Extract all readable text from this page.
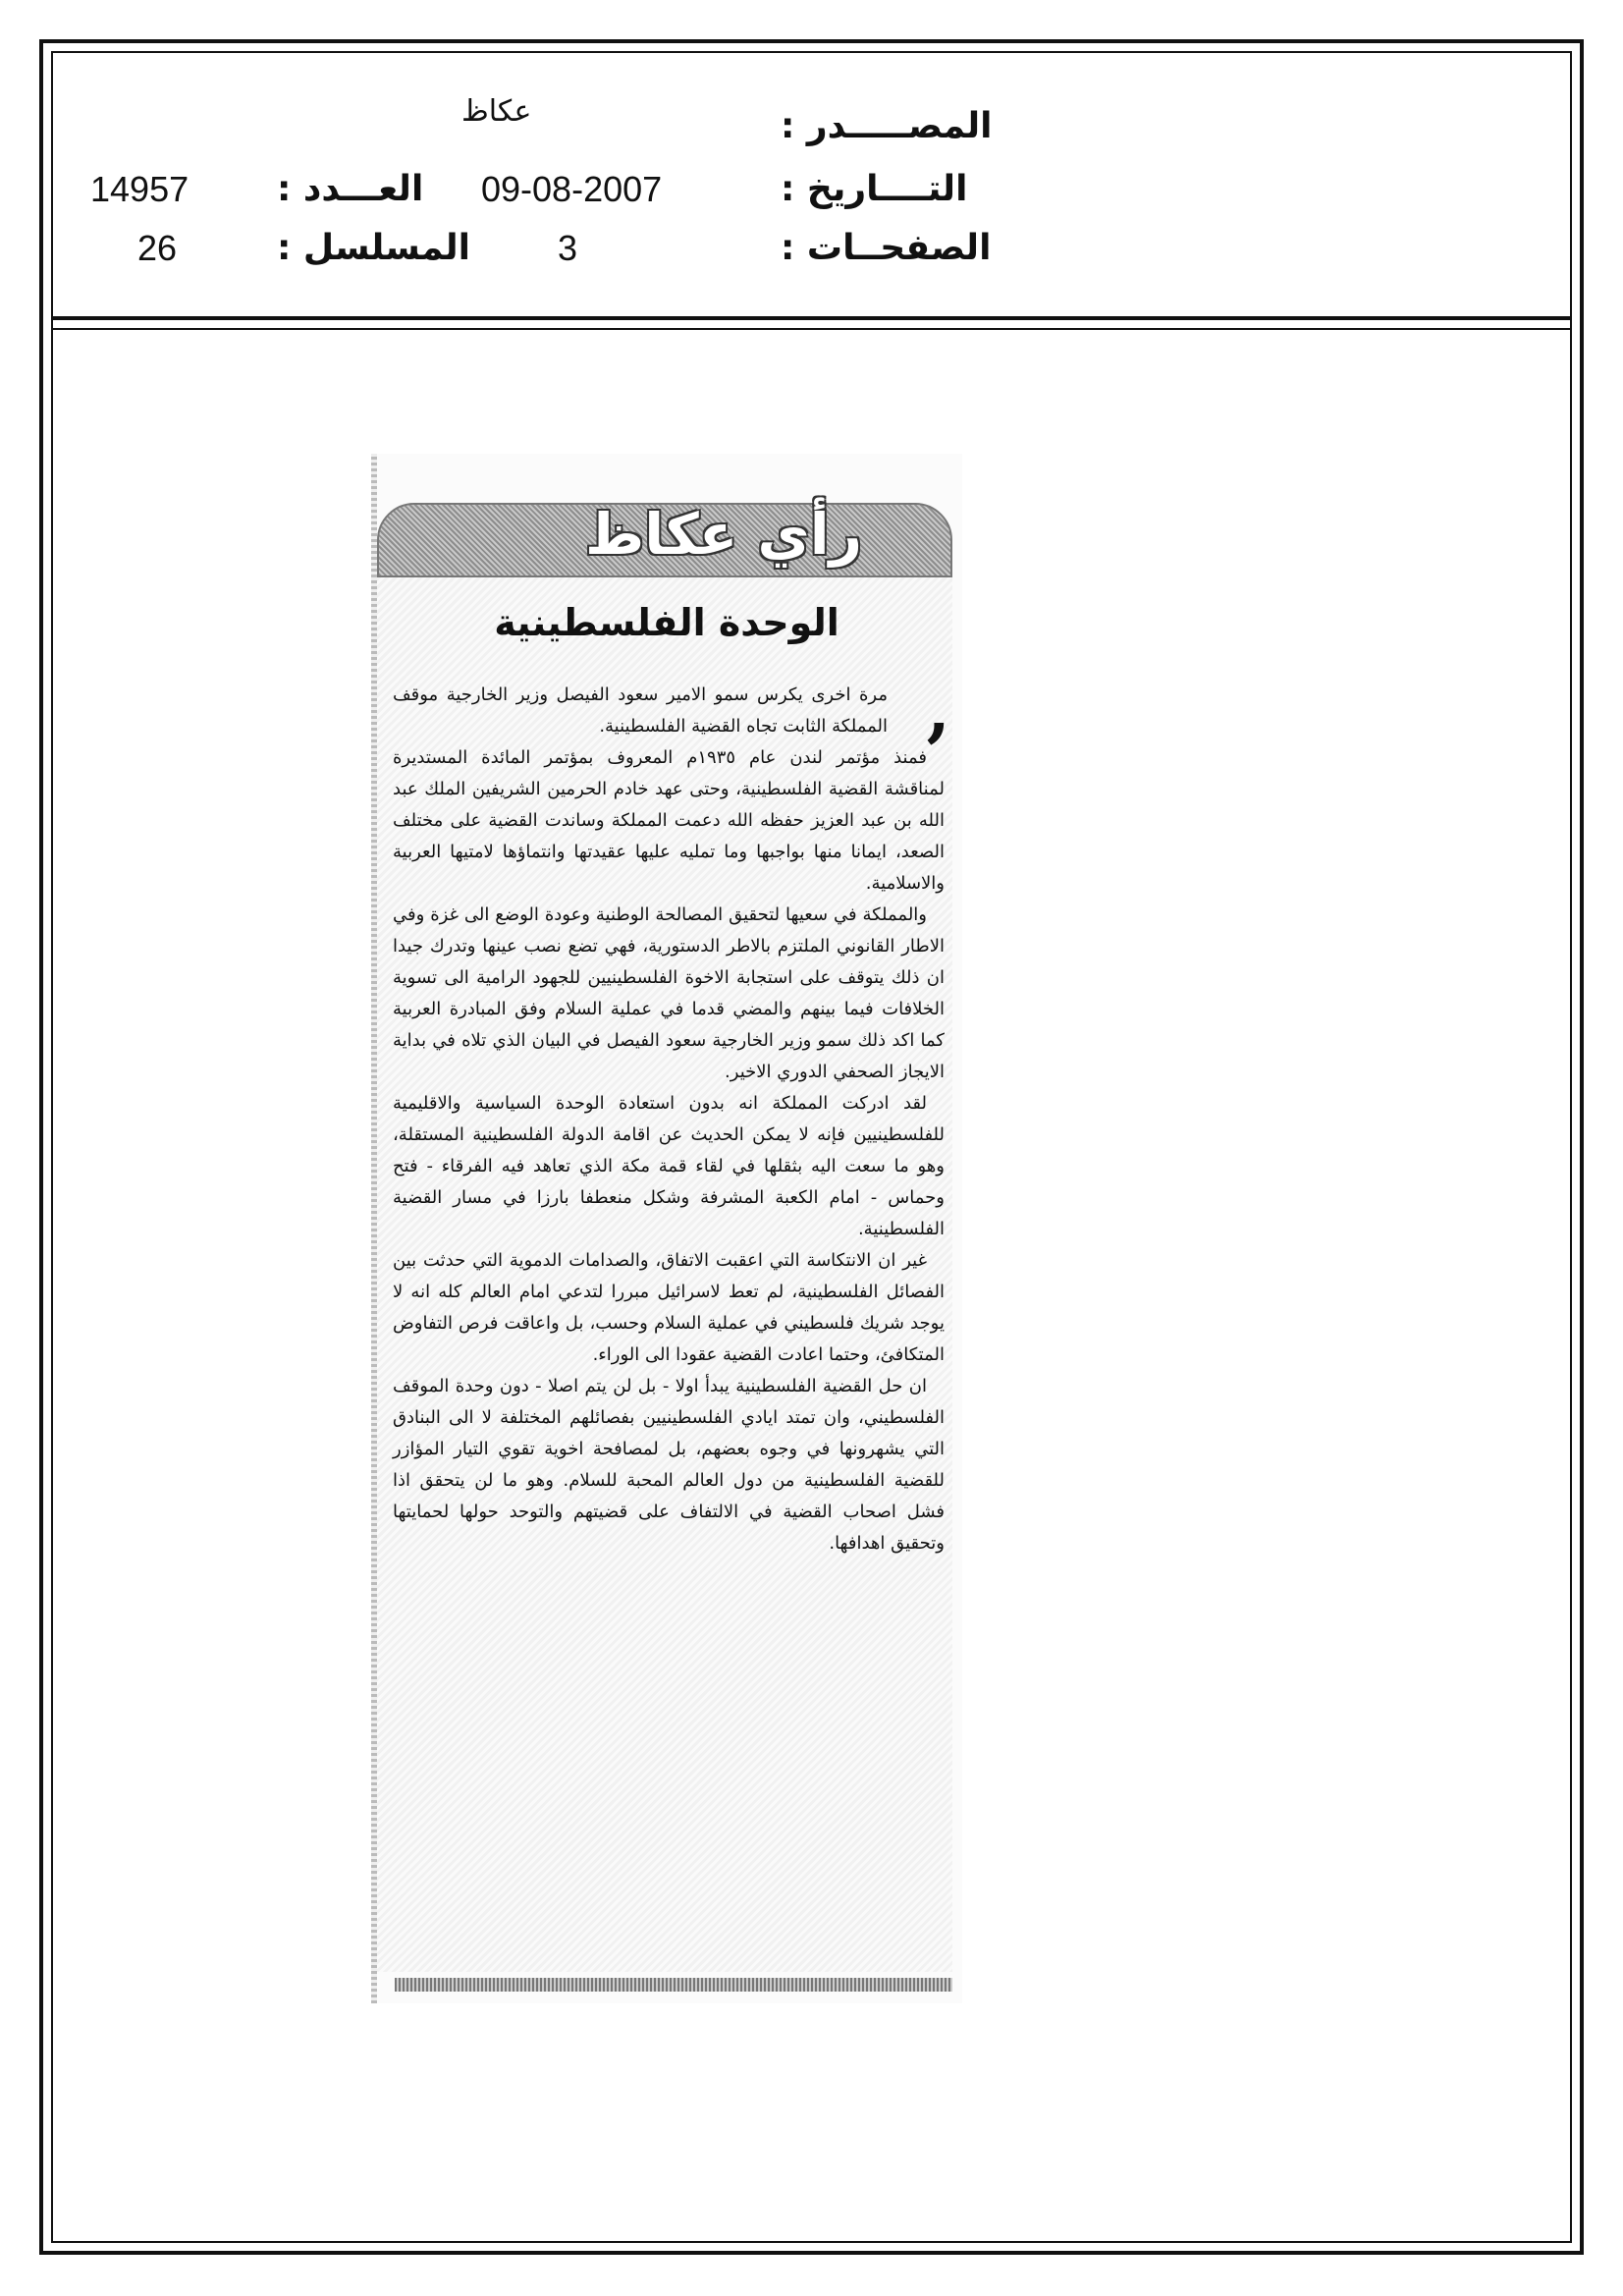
المصـــــدر :
عكاظ
التــــاريخ :
09-08-2007
العـــدد :
14957
الصفحــات :
3
المسلسل :
26
رأي عكاظ
الوحدة الفلسطينية
,

مرة اخرى يكرس سمو الامير سعود الفيصل وزير الخارجية موقف المملكة الثابت تجاه القضية الفلسطينية.

فمنذ مؤتمر لندن عام ١٩٣٥م المعروف بمؤتمر المائدة المستديرة لمناقشة القضية الفلسطينية، وحتى عهد خادم الحرمين الشريفين الملك عبد الله بن عبد العزيز حفظه الله دعمت المملكة وساندت القضية على مختلف الصعد، ايمانا منها بواجبها وما تمليه عليها عقيدتها وانتماؤها لامتيها العربية والاسلامية.

والمملكة في سعيها لتحقيق المصالحة الوطنية وعودة الوضع الى غزة وفي الاطار القانوني الملتزم بالاطر الدستورية، فهي تضع نصب عينها وتدرك جيدا ان ذلك يتوقف على استجابة الاخوة الفلسطينيين للجهود الرامية الى تسوية الخلافات فيما بينهم والمضي قدما في عملية السلام وفق المبادرة العربية كما اكد ذلك سمو وزير الخارجية سعود الفيصل في البيان الذي تلاه في بداية الايجاز الصحفي الدوري الاخير.

لقد ادركت المملكة انه بدون استعادة الوحدة السياسية والاقليمية للفلسطينيين فإنه لا يمكن الحديث عن اقامة الدولة الفلسطينية المستقلة، وهو ما سعت اليه بثقلها في لقاء قمة مكة الذي تعاهد فيه الفرقاء - فتح وحماس - امام الكعبة المشرفة وشكل منعطفا بارزا في مسار القضية الفلسطينية.

غير ان الانتكاسة التي اعقبت الاتفاق، والصدامات الدموية التي حدثت بين الفصائل الفلسطينية، لم تعط لاسرائيل مبررا لتدعي امام العالم كله انه لا يوجد شريك فلسطيني في عملية السلام وحسب، بل واعاقت فرص التفاوض المتكافئ، وحتما اعادت القضية عقودا الى الوراء.

ان حل القضية الفلسطينية يبدأ اولا - بل لن يتم اصلا - دون وحدة الموقف الفلسطيني، وان تمتد ايادي الفلسطينيين بفصائلهم المختلفة لا الى البنادق التي يشهرونها في وجوه بعضهم، بل لمصافحة اخوية تقوي التيار المؤازر للقضية الفلسطينية من دول العالم المحبة للسلام. وهو ما لن يتحقق اذا فشل اصحاب القضية في الالتفاف على قضيتهم والتوحد حولها لحمايتها وتحقيق اهدافها.
